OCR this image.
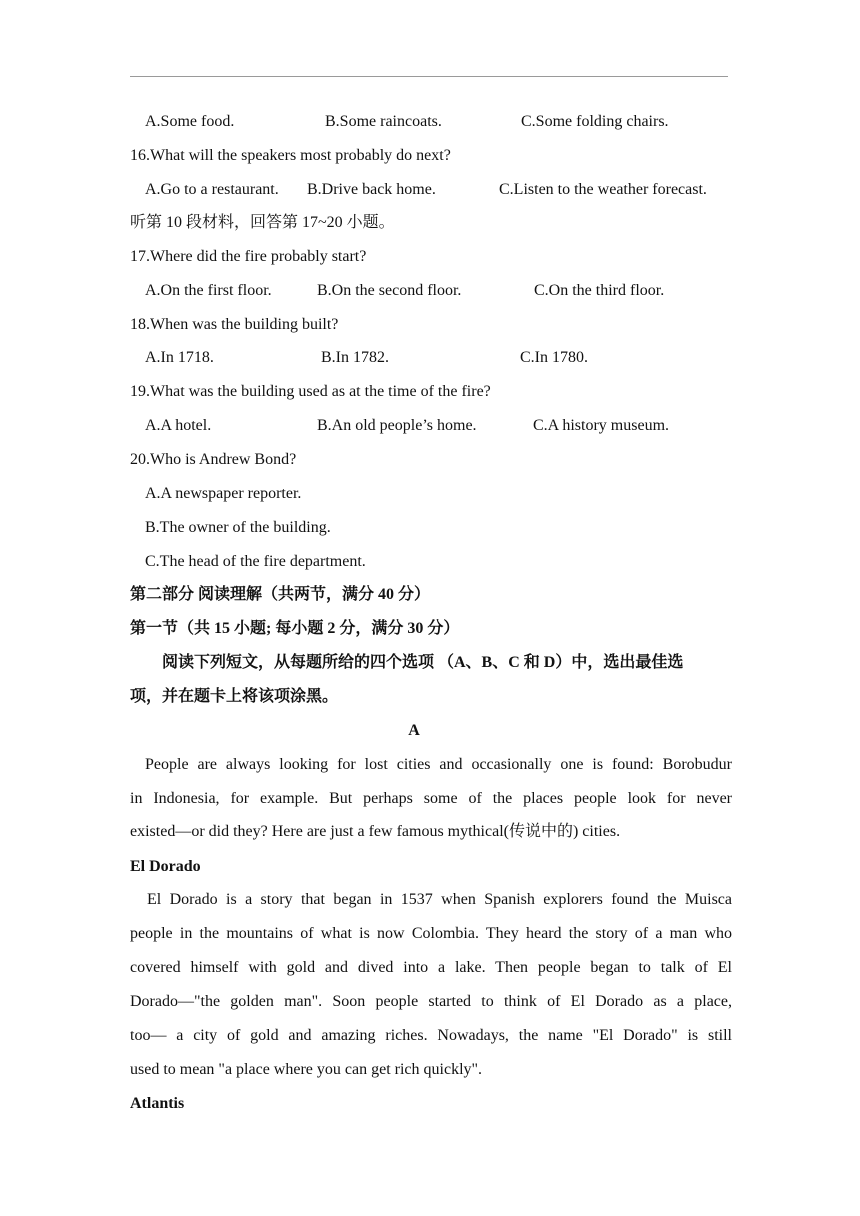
A.Some food.	B.Some raincoats.	C.Some folding chairs.
16.What will the speakers most probably do next?
A.Go to a restaurant. B.Drive back home.	C.Listen to the weather forecast.
听第 10 段材料，回答第 17~20 小题。
17.Where did the fire probably start?
A.On the first floor.	B.On the second floor.	C.On the third floor.
18.When was the building built?
A.In 1718.	B.In 1782.	C.In 1780.
19.What was the building used as at the time of the fire?
A.A hotel.	B.An old people’s home.	C.A history museum.
20.Who is Andrew Bond?
A.A newspaper reporter.
B.The owner of the building.
C.The head of the fire department.
第二部分 阅读理解（共两节，满分 40 分）
第一节（共 15 小题; 每小题 2 分，满分 30 分）
阅读下列短文，从每题所给的四个选项 （A、B、C 和 D）中，选出最佳选
项，并在题卡上将该项涂黑。
A
People are always looking for lost cities and occasionally one is found: Borobudur
in Indonesia, for example. But perhaps some of the places people look for never
existed—or did they? Here are just a few famous mythical(传说中的) cities.
El Dorado
El Dorado is a story that began in 1537 when Spanish explorers found the Muisca
people in the mountains of what is now Colombia. They heard the story of a man who
covered himself with gold and dived into a lake. Then people began to talk of El
Dorado—"the golden man". Soon people started to think of El Dorado as a place,
too— a city of gold and amazing riches. Nowadays, the name "El Dorado" is still
used to mean "a place where you can get rich quickly".
Atlantis
